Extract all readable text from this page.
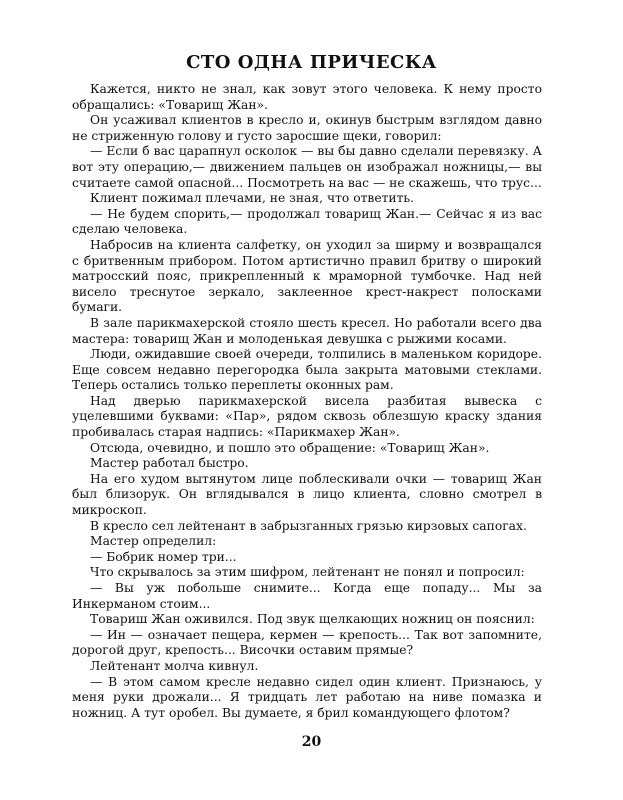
СТО ОДНА ПРИЧЕСКА

Кажется, никто не знал, как зовут этого человека. К нему просто обращались: «Товарищ Жан».

Он усаживал клиентов в кресло и, окинув быстрым взглядом давно не стриженную голову и густо заросшие щеки, говорил:

— Если б вас царапнул осколок — вы бы давно сделали перевязку. А вот эту операцию,— движением пальцев он изображал ножницы,— вы считаете самой опасной... Посмотреть на вас — не скажешь, что трус...

Клиент пожимал плечами, не зная, что ответить.

— Не будем спорить,— продолжал товарищ Жан.— Сейчас я из вас сделаю человека.

Набросив на клиента салфетку, он уходил за ширму и возвращался с бритвенным прибором. Потом артистично правил бритву о широкий матросский пояс, прикрепленный к мраморной тумбочке. Над ней висело треснутое зеркало, заклеенное крест-накрест полосками бумаги.

В зале парикмахерской стояло шесть кресел. Но работали всего два мастера: товарищ Жан и молоденькая девушка с рыжими косами.

Люди, ожидавшие своей очереди, толпились в маленьком коридоре. Еще совсем недавно перегородка была закрыта матовыми стеклами. Теперь остались только переплеты оконных рам.

Над дверью парикмахерской висела разбитая вывеска с уцелевшими буквами: «Пар», рядом сквозь облезшую краску здания пробивалась старая надпись: «Парикмахер Жан».

Отсюда, очевидно, и пошло это обращение: «Товарищ Жан».

Мастер работал быстро.

На его худом вытянутом лице поблескивали очки — товарищ Жан был близорук. Он вглядывался в лицо клиента, словно смотрел в микроскоп.

В кресло сел лейтенант в забрызганных грязью кирзовых сапогах.

Мастер определил:

— Бобрик номер три...

Что скрывалось за этим шифром, лейтенант не понял и попросил:

— Вы уж побольше снимите... Когда еще попаду... Мы за Инкерманом стоим...

Товариш Жан оживился. Под звук щелкающих ножниц он пояснил:

— Ин — означает пещера, кермен — крепость... Так вот запомните, дорогой друг, крепость... Височки оставим прямые?

Лейтенант молча кивнул.

— В этом самом кресле недавно сидел один клиент. Признаюсь, у меня руки дрожали... Я тридцать лет работаю на ниве помазка и ножниц. А тут оробел. Вы думаете, я брил командующего флотом?

20
